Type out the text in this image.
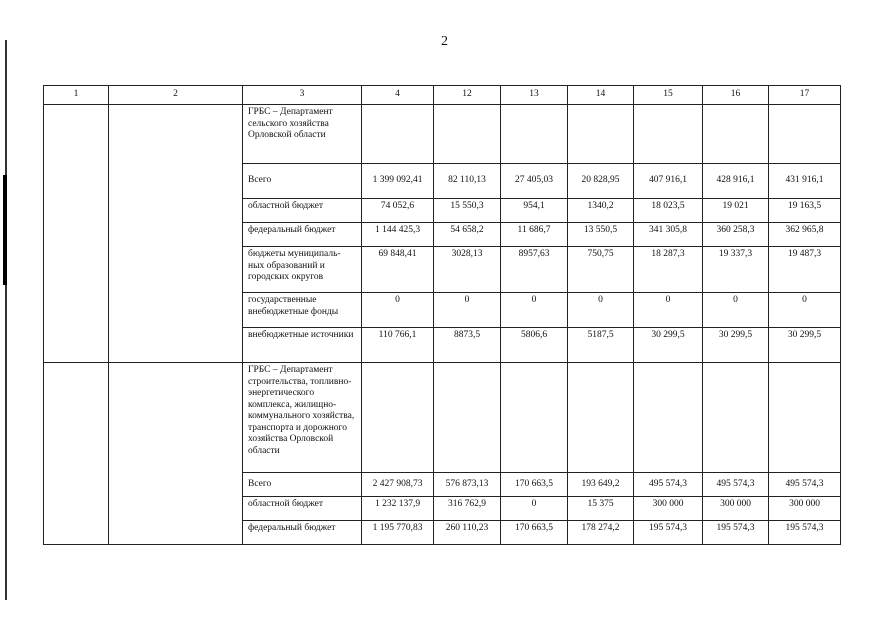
2
1	2	3	4	12	13	14	15	16	17
		ГРБС – Департамент сельского хозяйства Орловской области							
		Всего	1 399 092,41	82 110,13	27 405,03	20 828,95	407 916,1	428 916,1	431 916,1
		областной бюджет	74 052,6	15 550,3	954,1	1340,2	18 023,5	19 021	19 163,5
		федеральный бюджет	1 144 425,3	54 658,2	11 686,7	13 550,5	341 305,8	360 258,3	362 965,8
		бюджеты муниципаль-ных образований и городских округов	69 848,41	3028,13	8957,63	750,75	18 287,3	19 337,3	19 487,3
		государственные внебюджетные фонды	0	0	0	0	0	0	0
		внебюджетные источники	110 766,1	8873,5	5806,6	5187,5	30 299,5	30 299,5	30 299,5
		ГРБС – Департамент строительства, топливно-энергетического комплекса, жилищно-коммунального хозяйства, транспорта и дорожного хозяйства Орловской области							
		Всего	2 427 908,73	576 873,13	170 663,5	193 649,2	495 574,3	495 574,3	495 574,3
		областной бюджет	1 232 137,9	316 762,9	0	15 375	300 000	300 000	300 000
		федеральный бюджет	1 195 770,83	260 110,23	170 663,5	178 274,2	195 574,3	195 574,3	195 574,3
